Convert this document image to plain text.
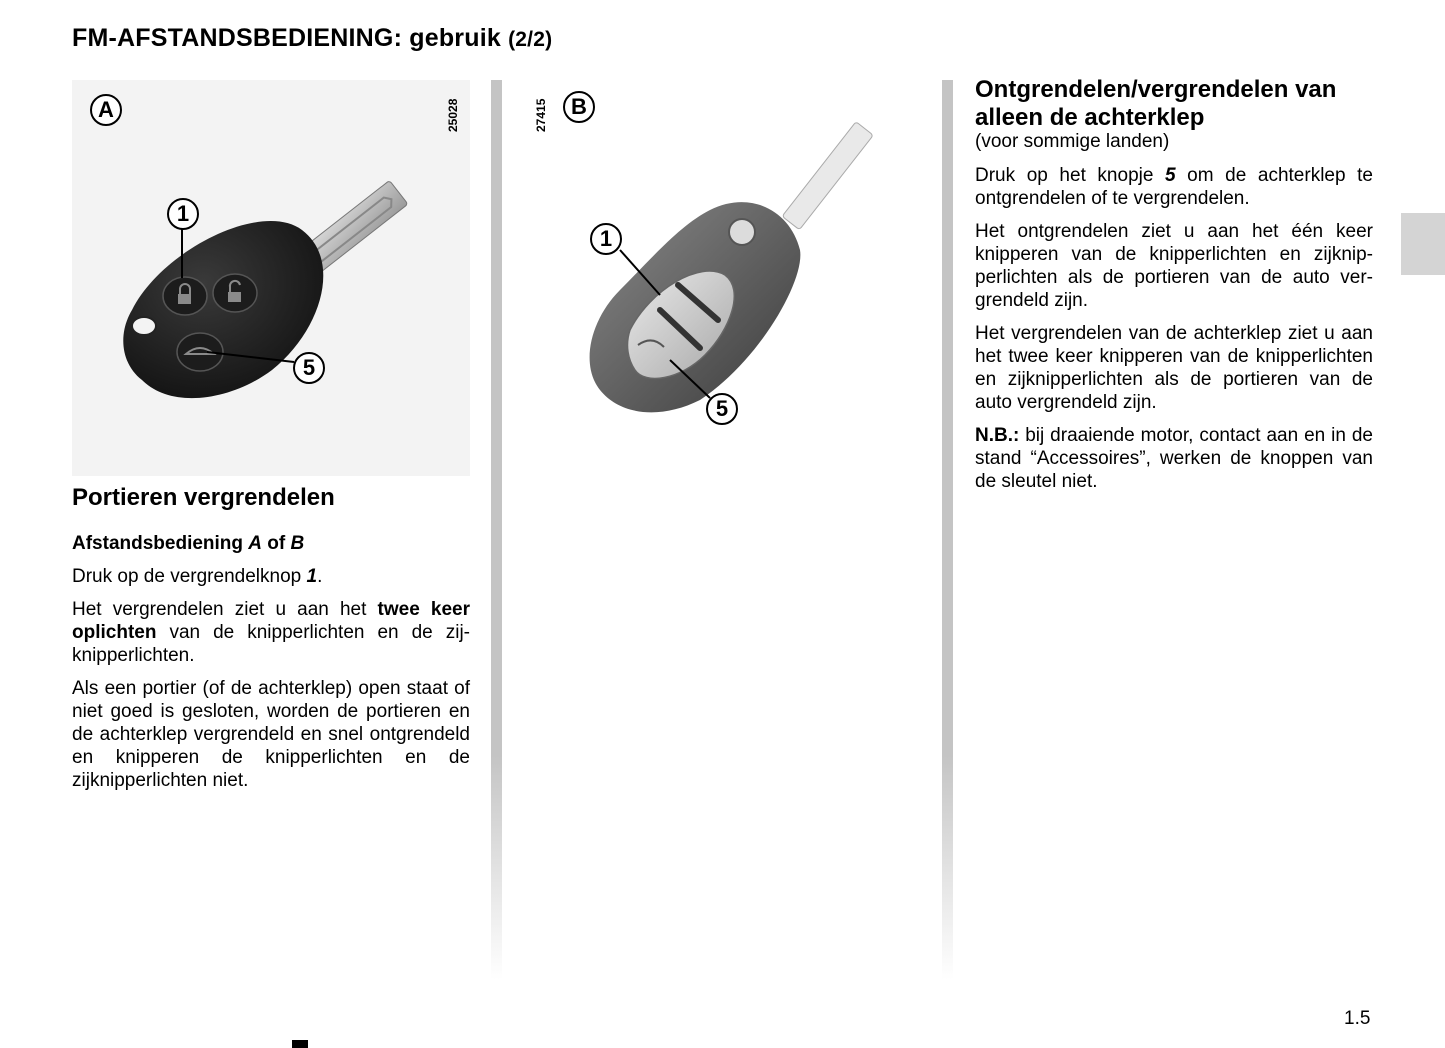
FM-AFSTANDSBEDIENING: gebruik (2/2)
A	25028
1
5
B
27415
1
5
Portieren vergrendelen

Afstandsbediening A of B

Druk op de vergrendelknop 1.

Het vergrendelen ziet u aan het twee keer oplichten van de knipperlichten en de zijknipperlichten.

Als een portier (of de achterklep) open staat of niet goed is gesloten, worden de portieren en de achterklep vergrendeld en snel ontgrendeld en knipperen de knipperlichten en de zijknipperlichten niet.

Ontgrendelen/vergrendelen van alleen de achterklep
(voor sommige landen)

Druk op het knopje 5 om de achterklep te ontgrendelen of te vergrendelen.

Het ontgrendelen ziet u aan het één keer knipperen van de knipperlichten en zijknipperlichten als de portieren van de auto vergrendeld zijn.

Het vergrendelen van de achterklep ziet u aan het twee keer knipperen van de knipperlichten en zijknipperlichten als de portieren van de auto vergrendeld zijn.

N.B.: bij draaiende motor, contact aan en in de stand “Accessoires”, werken de knoppen van de sleutel niet.

1.5
